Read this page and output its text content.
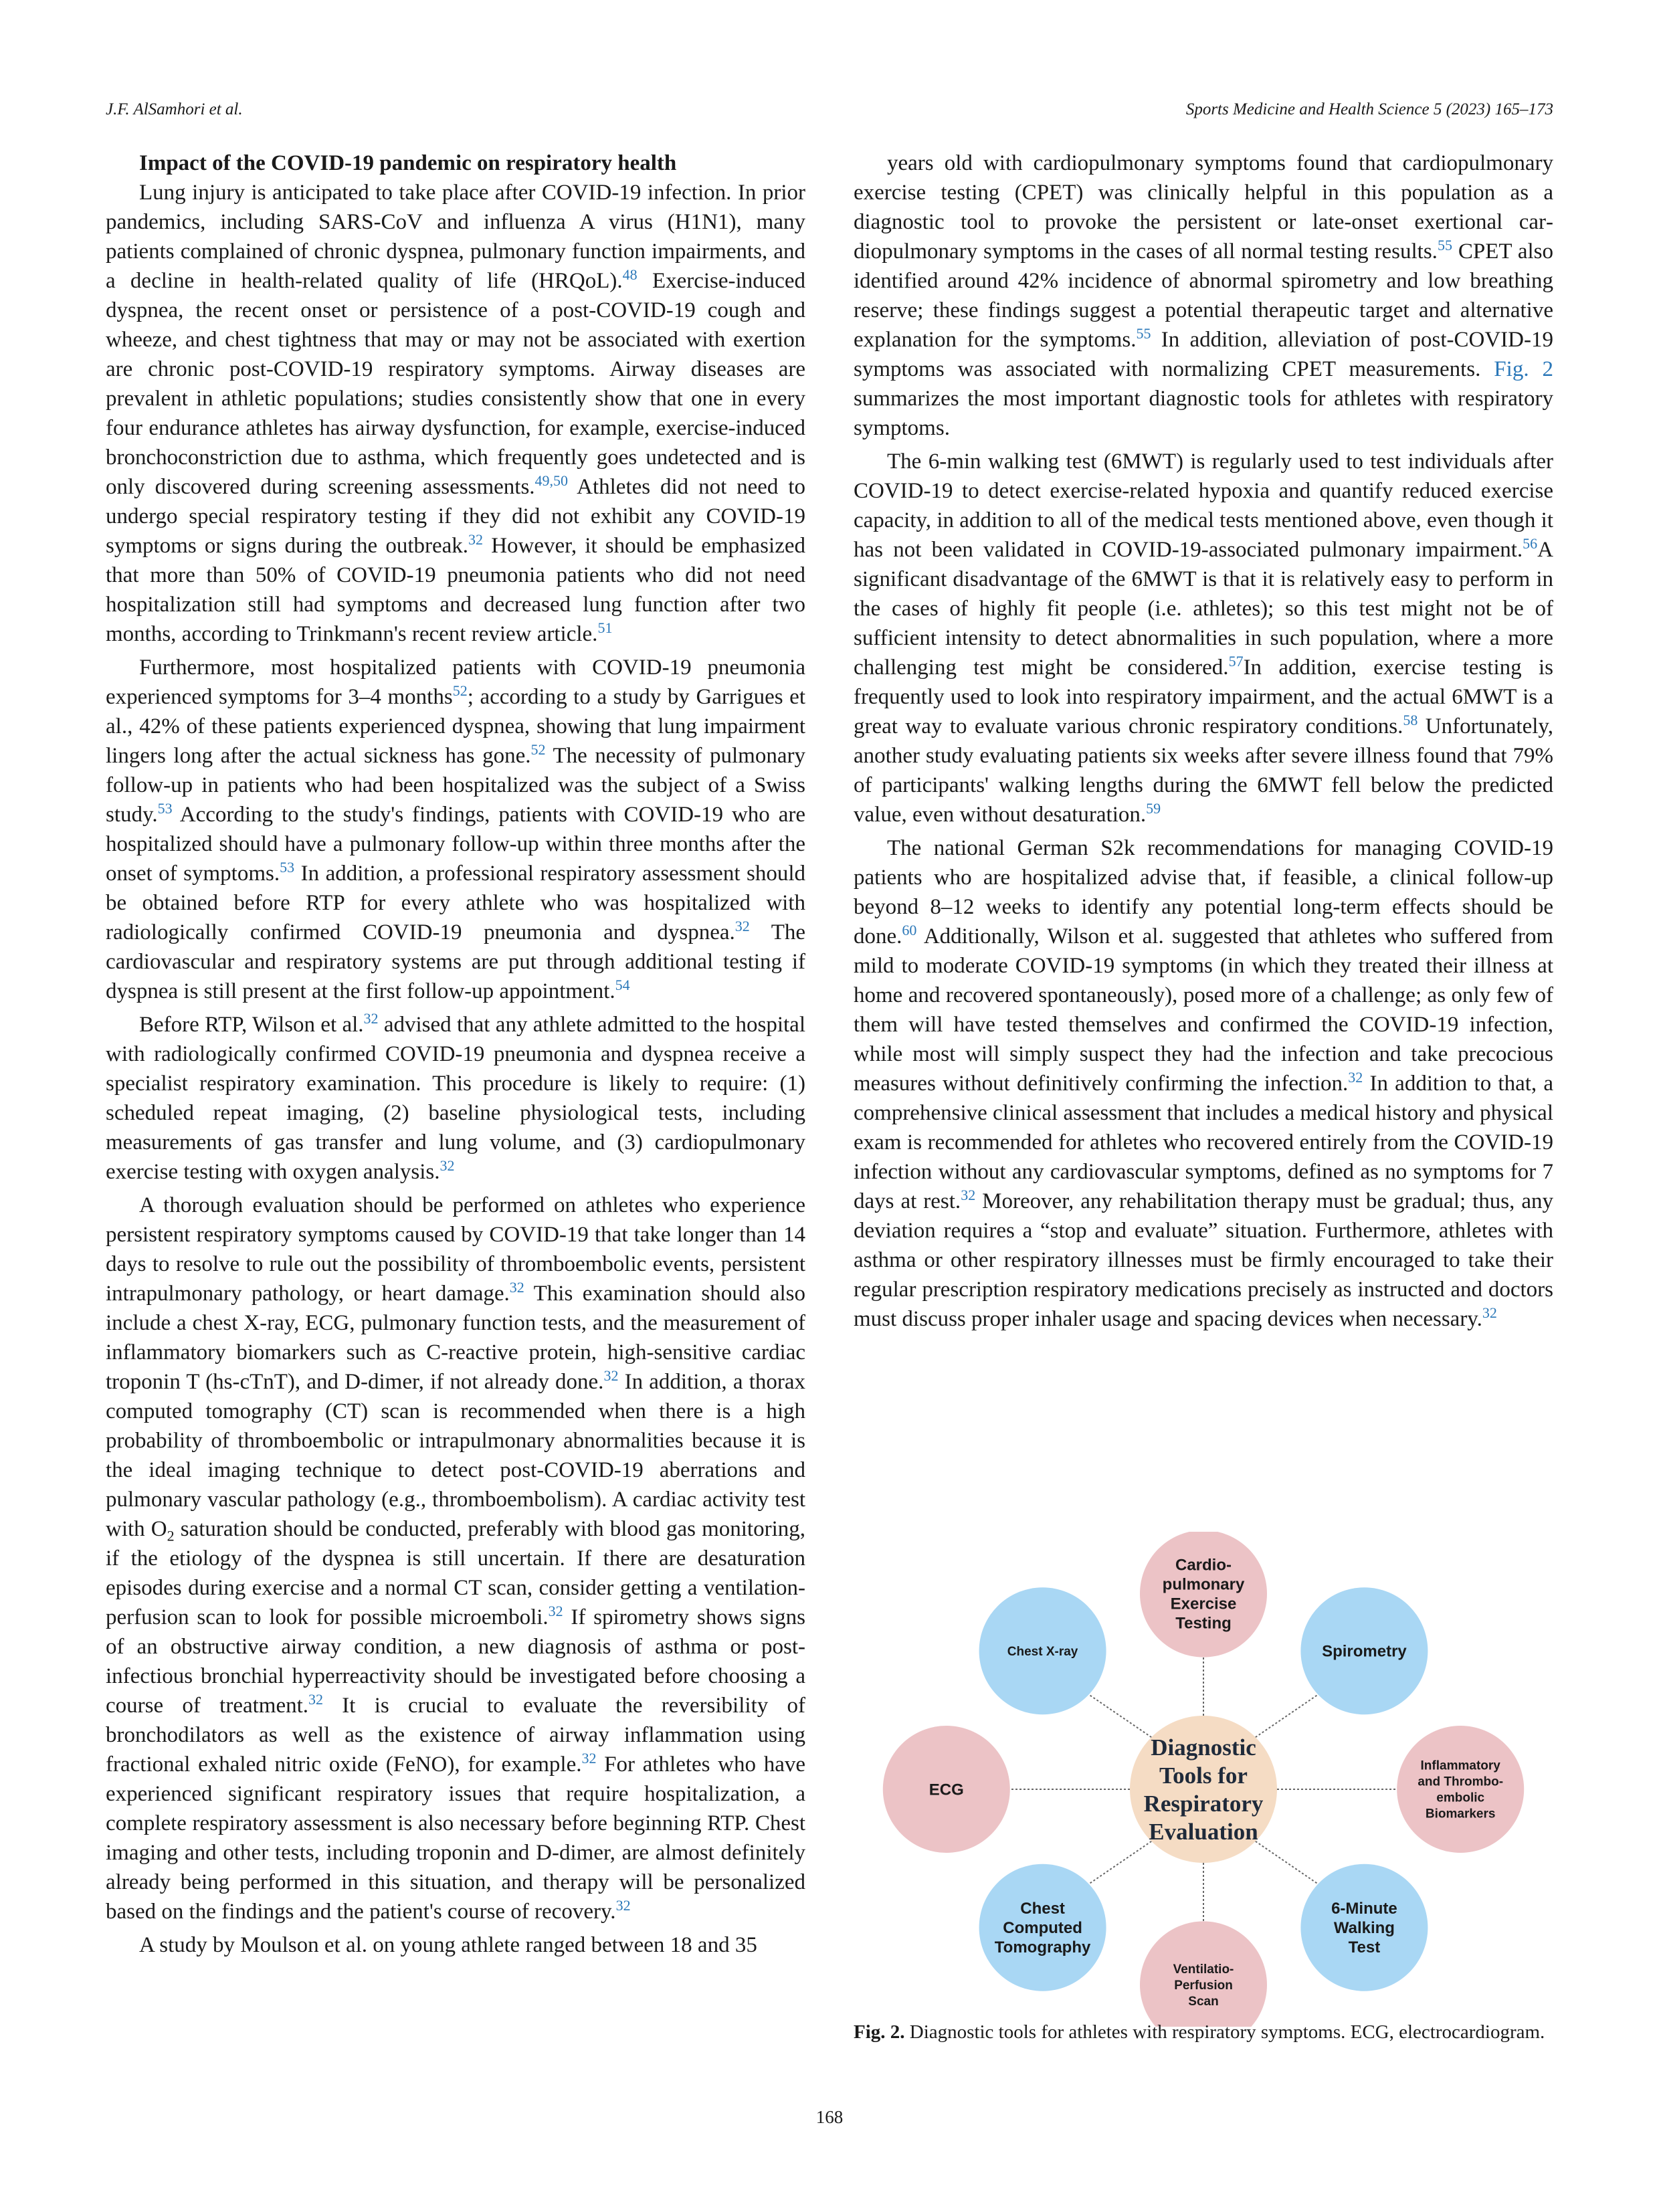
J.F. AlSamhori et al.	Sports Medicine and Health Science 5 (2023) 165–173

Impact of the COVID-19 pandemic on respiratory health

Lung injury is anticipated to take place after COVID-19 infection. In prior pandemics, including SARS-CoV and influenza A virus (H1N1), many patients complained of chronic dyspnea, pulmonary function impairments, and a decline in health-related quality of life (HRQoL).$^{48}$ Exercise-induced dyspnea, the recent onset or persistence of a post-COVID-19 cough and wheeze, and chest tightness that may or may not be associated with exertion are chronic post-COVID-19 respiratory symptoms. Airway diseases are prevalent in athletic populations; studies consistently show that one in every four endurance athletes has airway dysfunction, for example, exercise-induced bronchoconstriction due to asthma, which frequently goes undetected and is only discovered during screening assessments.$^{49,50}$ Athletes did not need to undergo special respiratory testing if they did not exhibit any COVID-19 symptoms or signs during the outbreak.$^{32}$ However, it should be emphasized that more than 50% of COVID-19 pneumonia patients who did not need hospitalization still had symptoms and decreased lung function after two months, according to Trinkmann's recent review article.$^{51}$

Furthermore, most hospitalized patients with COVID-19 pneumonia experienced symptoms for 3–4 months$^{52}$; according to a study by Garrigues et al., 42% of these patients experienced dyspnea, showing that lung impairment lingers long after the actual sickness has gone.$^{52}$ The necessity of pulmonary follow-up in patients who had been hospitalized was the subject of a Swiss study.$^{53}$ According to the study's findings, patients with COVID-19 who are hospitalized should have a pulmonary follow-up within three months after the onset of symptoms.$^{53}$ In addition, a professional respiratory assessment should be obtained before RTP for every athlete who was hospitalized with radiologically confirmed COVID-19 pneumonia and dyspnea.$^{32}$ The cardiovascular and respiratory systems are put through additional testing if dyspnea is still present at the first follow-up appointment.$^{54}$

Before RTP, Wilson et al.$^{32}$ advised that any athlete admitted to the hospital with radiologically confirmed COVID-19 pneumonia and dyspnea receive a specialist respiratory examination. This procedure is likely to require: (1) scheduled repeat imaging, (2) baseline physiological tests, including measurements of gas transfer and lung volume, and (3) cardiopulmonary exercise testing with oxygen analysis.$^{32}$

A thorough evaluation should be performed on athletes who experience persistent respiratory symptoms caused by COVID-19 that take longer than 14 days to resolve to rule out the possibility of thromboembolic events, persistent intrapulmonary pathology, or heart damage.$^{32}$ This examination should also include a chest X-ray, ECG, pulmonary function tests, and the measurement of inflammatory biomarkers such as C-reactive protein, high-sensitive cardiac troponin T (hs-cTnT), and D-dimer, if not already done.$^{32}$ In addition, a thorax computed tomography (CT) scan is recommended when there is a high probability of thromboembolic or intrapulmonary abnormalities because it is the ideal imaging technique to detect post-COVID-19 aberrations and pulmonary vascular pathology (e.g., thromboembolism). A cardiac activity test with $O_2$ saturation should be conducted, preferably with blood gas monitoring, if the etiology of the dyspnea is still uncertain. If there are desaturation episodes during exercise and a normal CT scan, consider getting a ventilation-perfusion scan to look for possible microemboli.$^{32}$ If spirometry shows signs of an obstructive airway condition, a new diagnosis of asthma or post-infectious bronchial hyperreactivity should be investigated before choosing a course of treatment.$^{32}$ It is crucial to evaluate the reversibility of bronchodilators as well as the existence of airway inflammation using fractional exhaled nitric oxide (FeNO), for example.$^{32}$ For athletes who have experienced significant respiratory issues that require hospitalization, a complete respiratory assessment is also necessary before beginning RTP. Chest imaging and other tests, including troponin and D-dimer, are almost definitely already being performed in this situation, and therapy will be personalized based on the findings and the patient's course of recovery.$^{32}$

A study by Moulson et al. on young athlete ranged between 18 and 35

years old with cardiopulmonary symptoms found that cardiopulmonary exercise testing (CPET) was clinically helpful in this population as a diagnostic tool to provoke the persistent or late-onset exertional cardiopulmonary symptoms in the cases of all normal testing results.$^{55}$ CPET also identified around 42% incidence of abnormal spirometry and low breathing reserve; these findings suggest a potential therapeutic target and alternative explanation for the symptoms.$^{55}$ In addition, alleviation of post-COVID-19 symptoms was associated with normalizing CPET measurements. Fig. 2 summarizes the most important diagnostic tools for athletes with respiratory symptoms.

The 6-min walking test (6MWT) is regularly used to test individuals after COVID-19 to detect exercise-related hypoxia and quantify reduced exercise capacity, in addition to all of the medical tests mentioned above, even though it has not been validated in COVID-19-associated pulmonary impairment.$^{56}$A significant disadvantage of the 6MWT is that it is relatively easy to perform in the cases of highly fit people (i.e. athletes); so this test might not be of sufficient intensity to detect abnormalities in such population, where a more challenging test might be considered.$^{57}$In addition, exercise testing is frequently used to look into respiratory impairment, and the actual 6MWT is a great way to evaluate various chronic respiratory conditions.$^{58}$ Unfortunately, another study evaluating patients six weeks after severe illness found that 79% of participants' walking lengths during the 6MWT fell below the predicted value, even without desaturation.$^{59}$

The national German S2k recommendations for managing COVID-19 patients who are hospitalized advise that, if feasible, a clinical follow-up beyond 8–12 weeks to identify any potential long-term effects should be done.$^{60}$ Additionally, Wilson et al. suggested that athletes who suffered from mild to moderate COVID-19 symptoms (in which they treated their illness at home and recovered spontaneously), posed more of a challenge; as only few of them will have tested themselves and confirmed the COVID-19 infection, while most will simply suspect they had the infection and take precocious measures without definitively confirming the infection.$^{32}$ In addition to that, a comprehensive clinical assessment that includes a medical history and physical exam is recommended for athletes who recovered entirely from the COVID-19 infection without any cardiovascular symptoms, defined as no symptoms for 7 days at rest.$^{32}$ Moreover, any rehabilitation therapy must be gradual; thus, any deviation requires a “stop and evaluate” situation. Furthermore, athletes with asthma or other respiratory illnesses must be firmly encouraged to take their regular prescription respiratory medications precisely as instructed and doctors must discuss proper inhaler usage and spacing devices when necessary.$^{32}$

Diagnostic
Tools for
Respiratory
Evaluation
Cardio-
pulmonary
Exercise
Testing
Spirometry
Inflammatory
and Thrombo-
embolic
Biomarkers
6-Minute
Walking
Test
Ventilatio-
Perfusion
Scan
Chest
Computed
Tomography
ECG
Chest X-ray
Fig. 2. Diagnostic tools for athletes with respiratory symptoms. ECG, electrocardiogram.
168
